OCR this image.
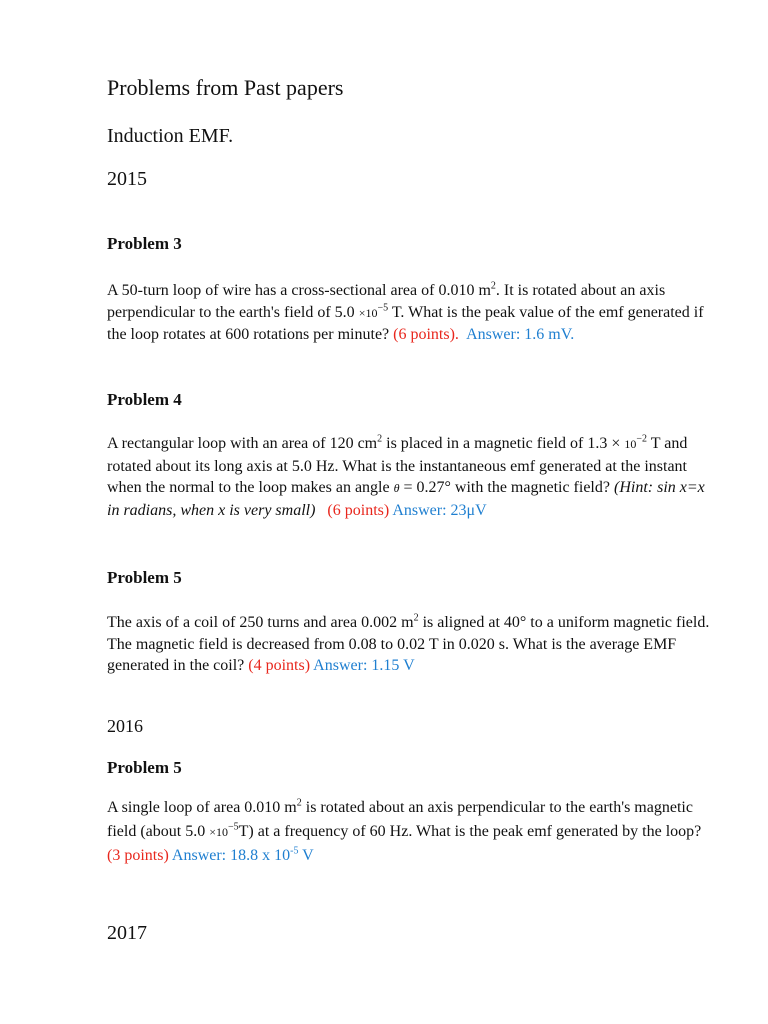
Problems from Past papers
Induction EMF.
2015
Problem 3
A 50-turn loop of wire has a cross-sectional area of 0.010 $m^2$. It is rotated about an axis perpendicular to the earth's field of $5.0 \times 10^{-5}$ T. What is the peak value of the emf generated if the loop rotates at 600 rotations per minute? (6 points). Answer: 1.6 mV.
Problem 4
A rectangular loop with an area of 120 $cm^2$ is placed in a magnetic field of $1.3 \times 10^{-2}$ T and rotated about its long axis at 5.0 Hz. What is the instantaneous emf generated at the instant when the normal to the loop makes an angle θ = 0.27° with the magnetic field? (Hint: sin x=x in radians, when x is very small) (6 points) Answer: 23μV
Problem 5
The axis of a coil of 250 turns and area 0.002 $m^2$ is aligned at 40° to a uniform magnetic field. The magnetic field is decreased from 0.08 to 0.02 T in 0.020 s. What is the average EMF generated in the coil? (4 points) Answer: 1.15 V
2016
Problem 5
A single loop of area 0.010 $m^2$ is rotated about an axis perpendicular to the earth's magnetic field (about $5.0 \times 10^{-5}T$) at a frequency of 60 Hz. What is the peak emf generated by the loop? (3 points) Answer: 18.8 x $10^{-5}$ V
2017
